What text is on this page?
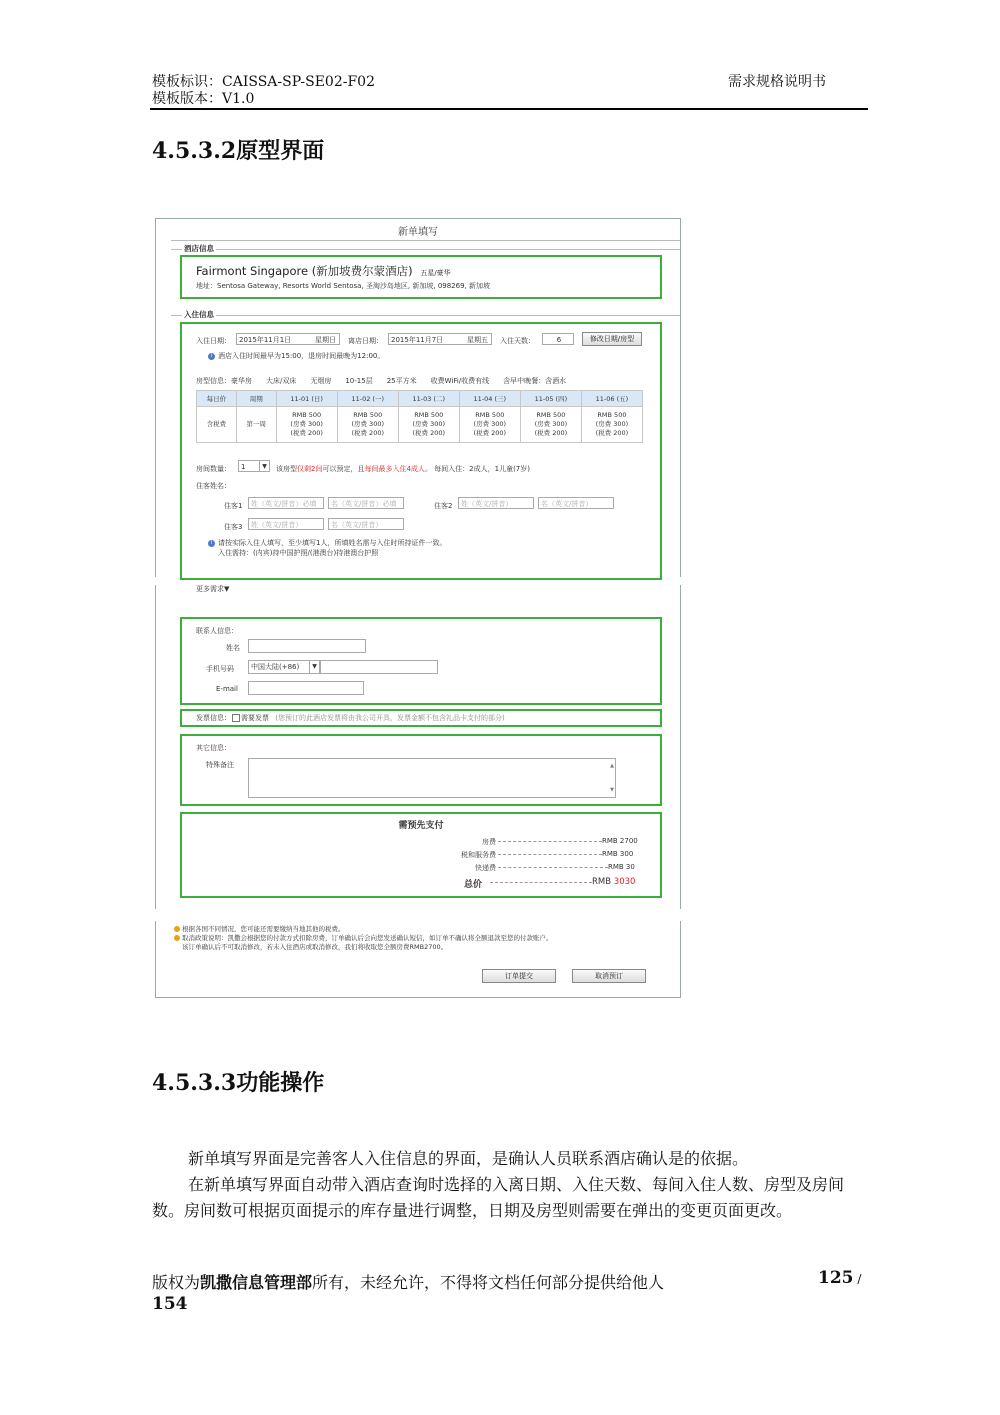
模板标识：CAISSA-SP-SE02-F02
模板版本：V1.0
需求规格说明书
4.5.3.2原型界面
新单填写
酒店信息
Fairmont Singapore (新加坡费尔蒙酒店) 五星/豪华
地址：Sentosa Gateway, Resorts World Sentosa, 圣淘沙岛地区, 新加坡, 098269, 新加坡
入住信息
入住日期：	2015年11月1日	星期日 离店日期：	2015年11月7日	星期五 入住天数：	6	修改日期/房型
i 酒店入住时间最早为15:00，退房时间最晚为12:00。
房型信息：豪华房　　大床/双床　　无烟房　　10-15层　　25平方米　　收费WiFi/收费有线　　含早中晚餐：含酒水
每日价	周期	11-01 (日)	11-02 (一)	11-03 (二)	11-04 (三)	11-05 (四)	11-06 (五)
含税费	第一周	RMB 500
(房费 300)
(税费 200)	RMB 500
(房费 300)
(税费 200)	RMB 500
(房费 300)
(税费 200)	RMB 500
(房费 300)
(税费 200)	RMB 500
(房费 300)
(税费 200)	RMB 500
(房费 300)
(税费 200)
房间数量：	1	▼	该房型仅剩2间可以预定，且每间最多入住4成人。 每间入住：2成人，1儿童(7岁)
住客姓名：
住客1	姓（英文/拼音）必填	名（英文/拼音）必填	住客2	姓（英文/拼音）	名（英文/拼音）
住客3	姓（英文/拼音）	名（英文/拼音）
i 请按实际入住人填写，至少填写1人，所填姓名需与入住时所持证件一致。
入住需持：(内宾)持中国护照/(港澳台)持港澳台护照
更多需求▼
联系人信息：
姓名
手机号码	中国大陆(+86)	▼
E-mail
发票信息： 需要发票 (您预订的此酒店发票将由我公司开具，发票金额不包含礼品卡支付的部分)
其它信息：
特殊备注	▲
▼
需预先支付
房费	RMB 2700
税和服务费	RMB 300
快递费	RMB 30
总价	RMB 3030
根据各国不同情况，您可能还需要缴纳当地其他的税费。
取消政策说明：凯撒会根据您的付款方式扣除房费，订单确认后会向您发送确认短信，如订单不确认将全额退款至您的付款账户。
该订单确认后不可取消修改，若未入住酒店或取消修改，我们将收取您全额房费RMB2700。
订单提交	取消预订
4.5.3.3功能操作
新单填写界面是完善客人入住信息的界面，是确认人员联系酒店确认是的依据。
在新单填写界面自动带入酒店查询时选择的入离日期、入住天数、每间入住人数、房型及房间数。房间数可根据页面提示的库存量进行调整，日期及房型则需要在弹出的变更页面更改。
版权为凯撒信息管理部所有，未经允许，不得将文档任何部分提供给他人	125 /
154
